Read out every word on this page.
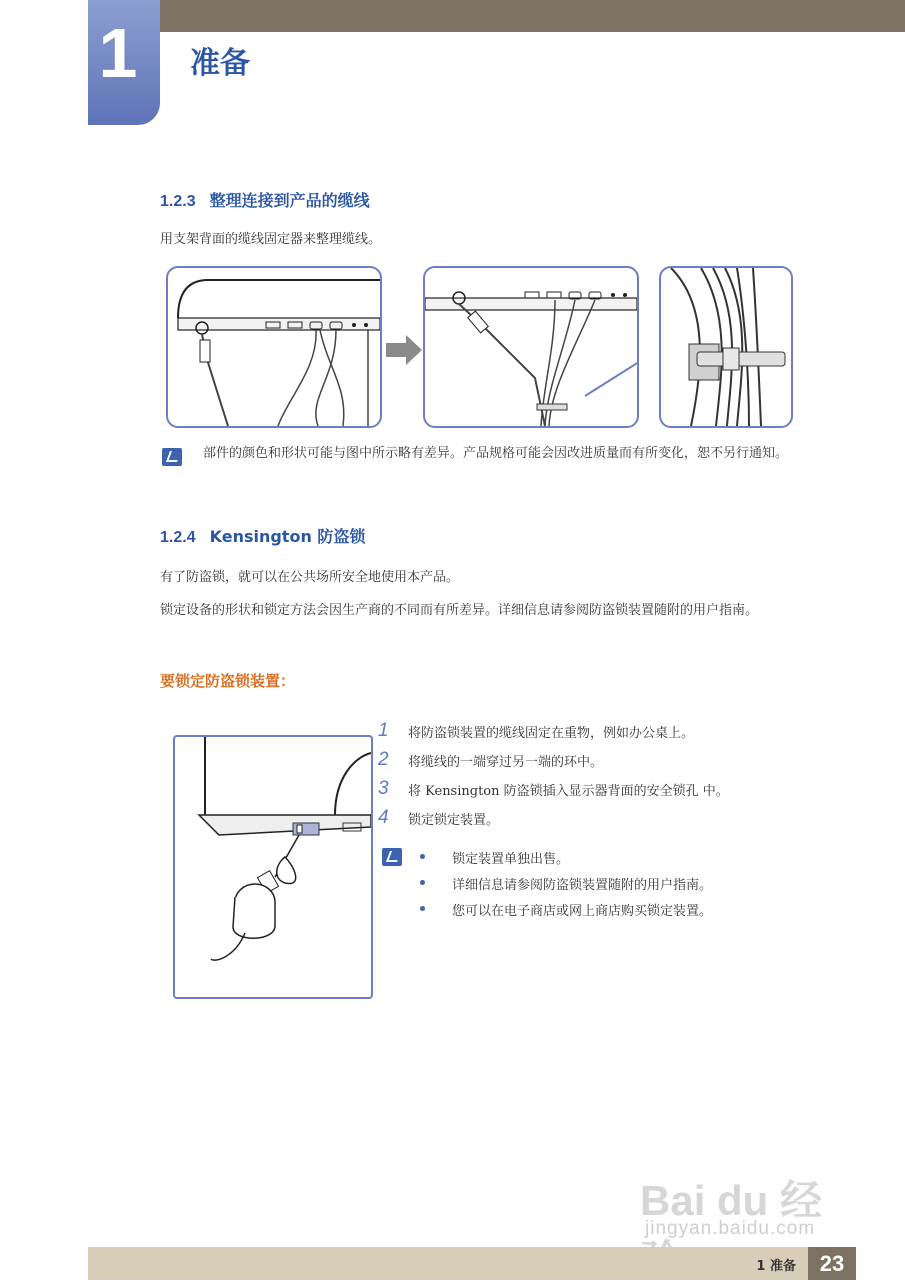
1	准备
1.2.3 整理连接到产品的缆线
用支架背面的缆线固定器来整理缆线。
部件的颜色和形状可能与图中所示略有差异。产品规格可能会因改进质量而有所变化，恕不另行通知。
1.2.4 Kensington 防盗锁
有了防盗锁，就可以在公共场所安全地使用本产品。
锁定设备的形状和锁定方法会因生产商的不同而有所差异。详细信息请参阅防盗锁装置随附的用户指南。
要锁定防盗锁装置：
1 将防盗锁装置的缆线固定在重物，例如办公桌上。
2 将缆线的一端穿过另一端的环中。
3 将 Kensington 防盗锁插入显示器背面的安全锁孔 中。
4 锁定锁定装置。
锁定装置单独出售。
详细信息请参阅防盗锁装置随附的用户指南。
您可以在电子商店或网上商店购买锁定装置。
Bai du 经
jingyan.baidu.com
1 准备	23
